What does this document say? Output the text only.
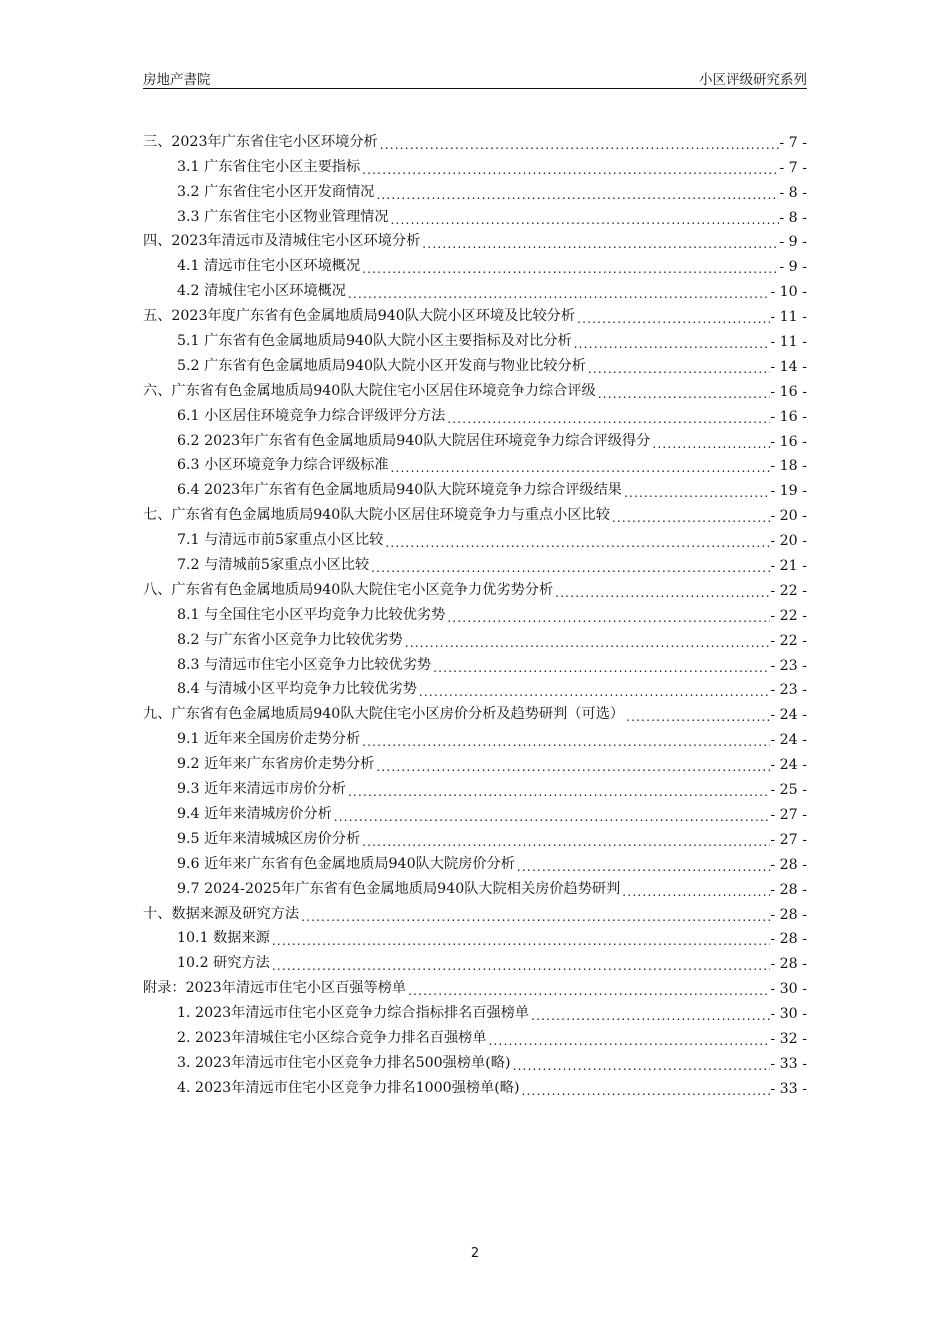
房地产書院	小区评级研究系列
三、2023年广东省住宅小区环境分析 .....	- 7 -
3.1 广东省住宅小区主要指标 .....	- 7 -
3.2 广东省住宅小区开发商情况 .....	- 8 -
3.3 广东省住宅小区物业管理情况 .....	- 8 -
四、2023年清远市及清城住宅小区环境分析 .....	- 9 -
4.1 清远市住宅小区环境概况 .....	- 9 -
4.2 清城住宅小区环境概况 .....	- 10 -
五、2023年度广东省有色金属地质局940队大院小区环境及比较分析 .....	- 11 -
5.1 广东省有色金属地质局940队大院小区主要指标及对比分析 .....	- 11 -
5.2 广东省有色金属地质局940队大院小区开发商与物业比较分析 .....	- 14 -
六、广东省有色金属地质局940队大院住宅小区居住环境竞争力综合评级 .....	- 16 -
6.1 小区居住环境竞争力综合评级评分方法 .....	- 16 -
6.2 2023年广东省有色金属地质局940队大院居住环境竞争力综合评级得分 .....	- 16 -
6.3 小区环境竞争力综合评级标准 .....	- 18 -
6.4 2023年广东省有色金属地质局940队大院环境竞争力综合评级结果 .....	- 19 -
七、广东省有色金属地质局940队大院小区居住环境竞争力与重点小区比较 .....	- 20 -
7.1 与清远市前5家重点小区比较 .....	- 20 -
7.2 与清城前5家重点小区比较 .....	- 21 -
八、广东省有色金属地质局940队大院住宅小区竞争力优劣势分析 .....	- 22 -
8.1 与全国住宅小区平均竞争力比较优劣势 .....	- 22 -
8.2 与广东省小区竞争力比较优劣势 .....	- 22 -
8.3 与清远市住宅小区竞争力比较优劣势 .....	- 23 -
8.4 与清城小区平均竞争力比较优劣势 .....	- 23 -
九、广东省有色金属地质局940队大院住宅小区房价分析及趋势研判（可选） .....	- 24 -
9.1 近年来全国房价走势分析 .....	- 24 -
9.2 近年来广东省房价走势分析 .....	- 24 -
9.3 近年来清远市房价分析 .....	- 25 -
9.4 近年来清城房价分析 .....	- 27 -
9.5 近年来清城城区房价分析 .....	- 27 -
9.6 近年来广东省有色金属地质局940队大院房价分析 .....	- 28 -
9.7 2024-2025年广东省有色金属地质局940队大院相关房价趋势研判 .....	- 28 -
十、数据来源及研究方法 .....	- 28 -
10.1 数据来源 .....	- 28 -
10.2 研究方法 .....	- 28 -
附录：2023年清远市住宅小区百强等榜单 .....	- 30 -
1. 2023年清远市住宅小区竞争力综合指标排名百强榜单 .....	- 30 -
2. 2023年清城住宅小区综合竞争力排名百强榜单 .....	- 32 -
3. 2023年清远市住宅小区竞争力排名500强榜单(略) .....	- 33 -
4. 2023年清远市住宅小区竞争力排名1000强榜单(略) .....	- 33 -
2
